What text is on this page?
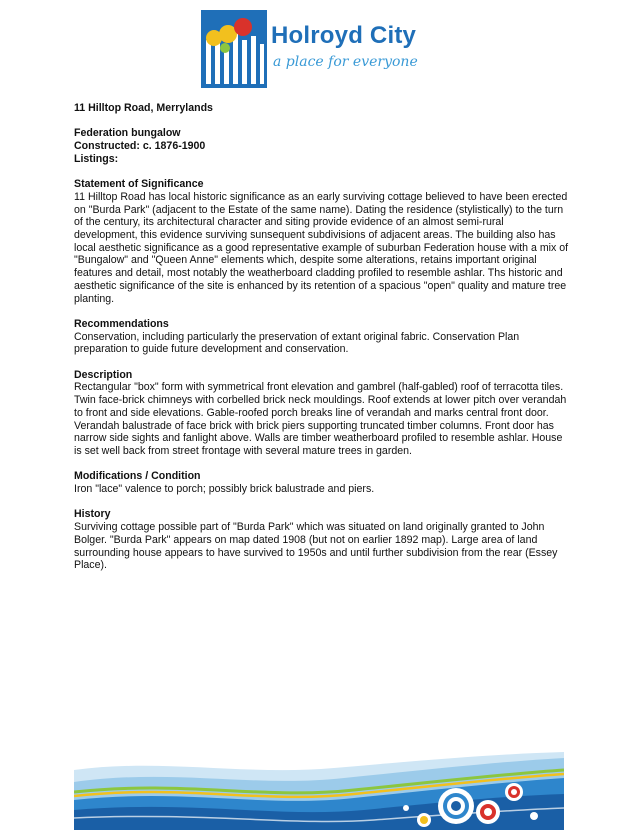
Holroyd City
a place for everyone

11 Hilltop Road, Merrylands

Federation bungalow

Constructed: c. 1876-1900

Listings:

Statement of Significance

11 Hilltop Road has local historic significance as an early surviving cottage believed to have been erected on "Burda Park" (adjacent to the Estate of the same name). Dating the residence (stylistically) to the turn of the century, its architectural character and siting provide evidence of an almost semi-rural development, this evidence surviving sunsequent subdivisions of adjacent areas. The building also has local aesthetic significance as a good representative example of suburban Federation house with a mix of "Bungalow" and "Queen Anne" elements which, despite some alterations, retains important original features and detail, most notably the weatherboard cladding profiled to resemble ashlar. Ths historic and aesthetic significance of the site is enhanced by its retention of a spacious "open" quality and mature tree planting.

Recommendations

Conservation, including particularly the preservation of extant original fabric. Conservation Plan preparation to guide future development and conservation.

Description

Rectangular "box" form with symmetrical front elevation and gambrel (half-gabled) roof of terracotta tiles. Twin face-brick chimneys with corbelled brick neck mouldings. Roof extends at lower pitch over verandah to front and side elevations. Gable-roofed porch breaks line of verandah and marks central front door. Verandah balustrade of face brick with brick piers supporting truncated timber columns. Front door has narrow side sights and fanlight above. Walls are timber weatherboard profiled to resemble ashlar. House is set well back from street frontage with several mature trees in garden.

Modifications / Condition

Iron "lace" valence to porch; possibly brick balustrade and piers.

History

Surviving cottage possible part of "Burda Park" which was situated on land originally granted to John Bolger. "Burda Park" appears on map dated 1908 (but not on earlier 1892 map). Large area of land surrounding house appears to have survived to 1950s and until further subdivision from the rear (Essey Place).
